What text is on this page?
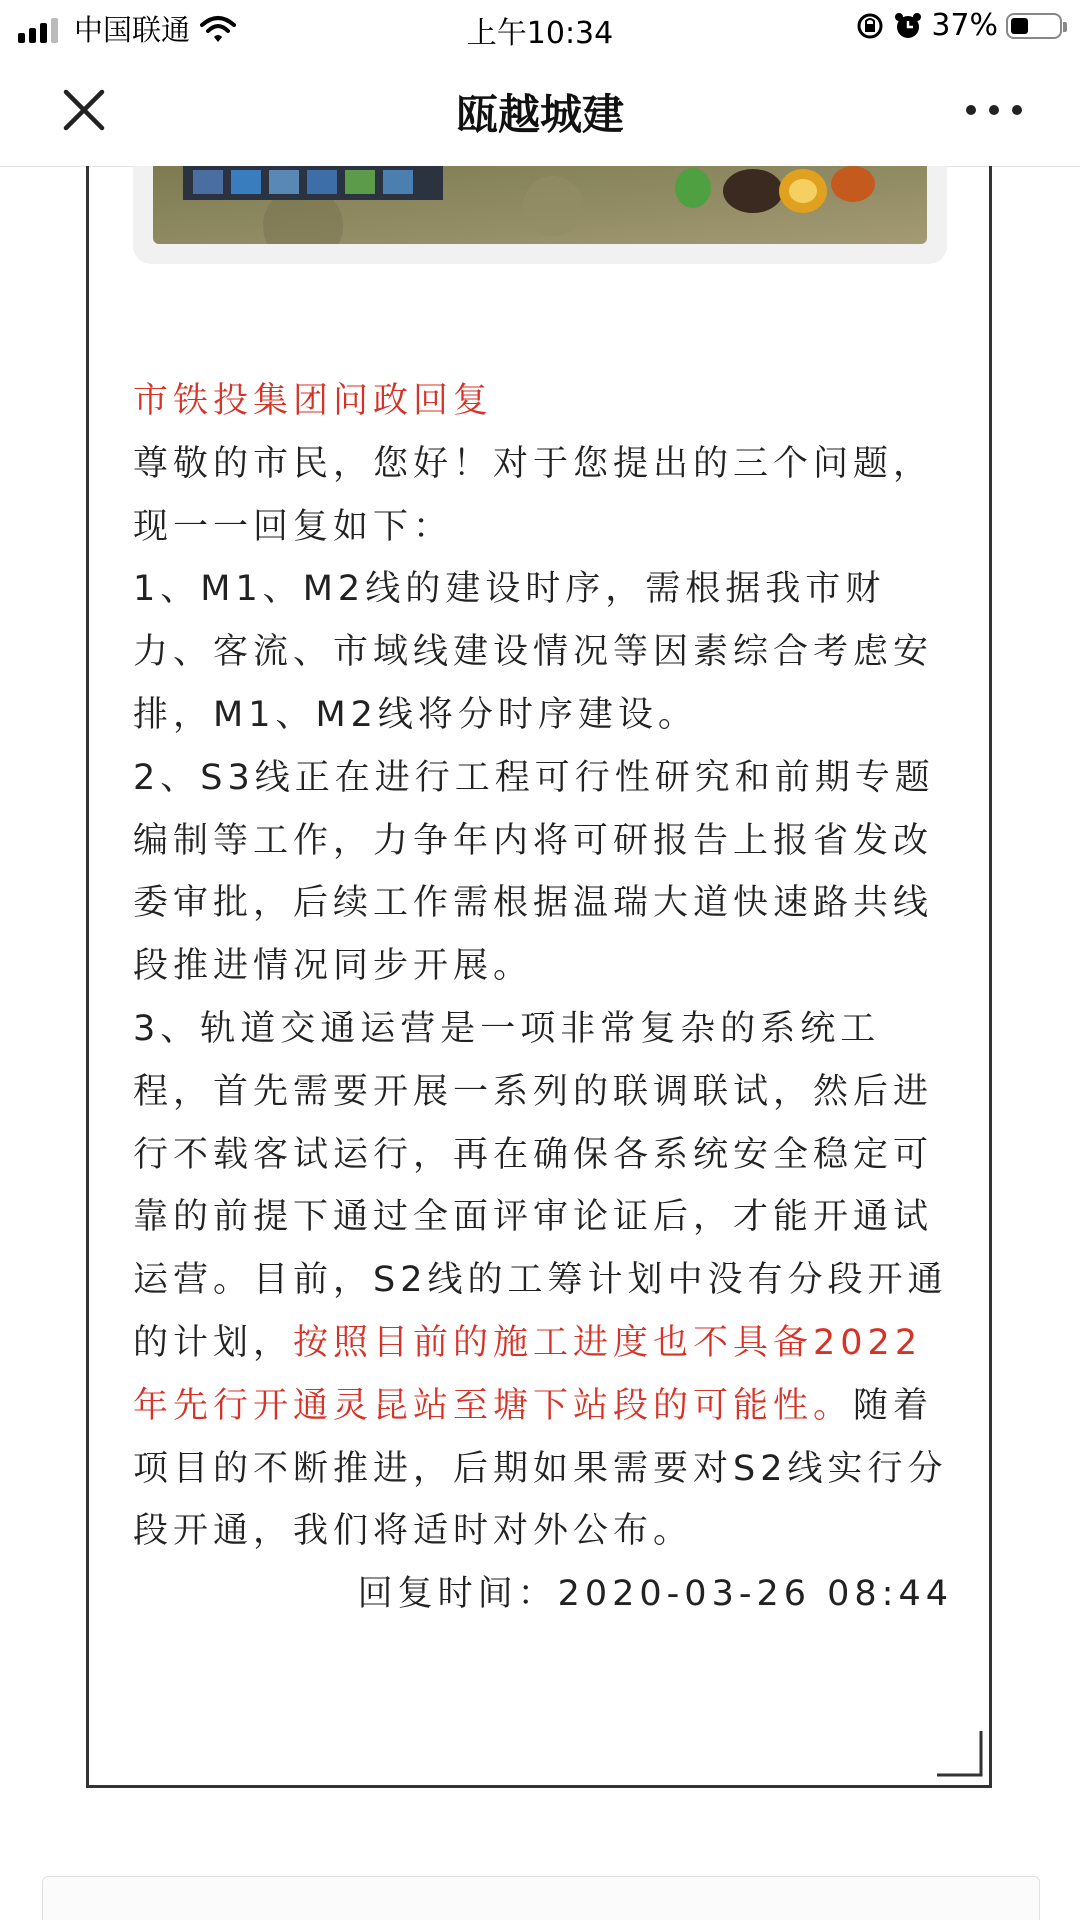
中国联通	上午10:34	37%
瓯越城建

市铁投集团问政回复

尊敬的市民，您好！对于您提出的三个问题，现一一回复如下：

1、M1、M2线的建设时序，需根据我市财力、客流、市域线建设情况等因素综合考虑安排，M1、M2线将分时序建设。

2、S3线正在进行工程可行性研究和前期专题编制等工作，力争年内将可研报告上报省发改委审批，后续工作需根据温瑞大道快速路共线段推进情况同步开展。

3、轨道交通运营是一项非常复杂的系统工程，首先需要开展一系列的联调联试，然后进行不载客试运行，再在确保各系统安全稳定可靠的前提下通过全面评审论证后，才能开通试运营。目前，S2线的工筹计划中没有分段开通的计划，按照目前的施工进度也不具备2022年先行开通灵昆站至塘下站段的可能性。随着项目的不断推进，后期如果需要对S2线实行分段开通，我们将适时对外公布。

回复时间：2020-03-26 08:44
